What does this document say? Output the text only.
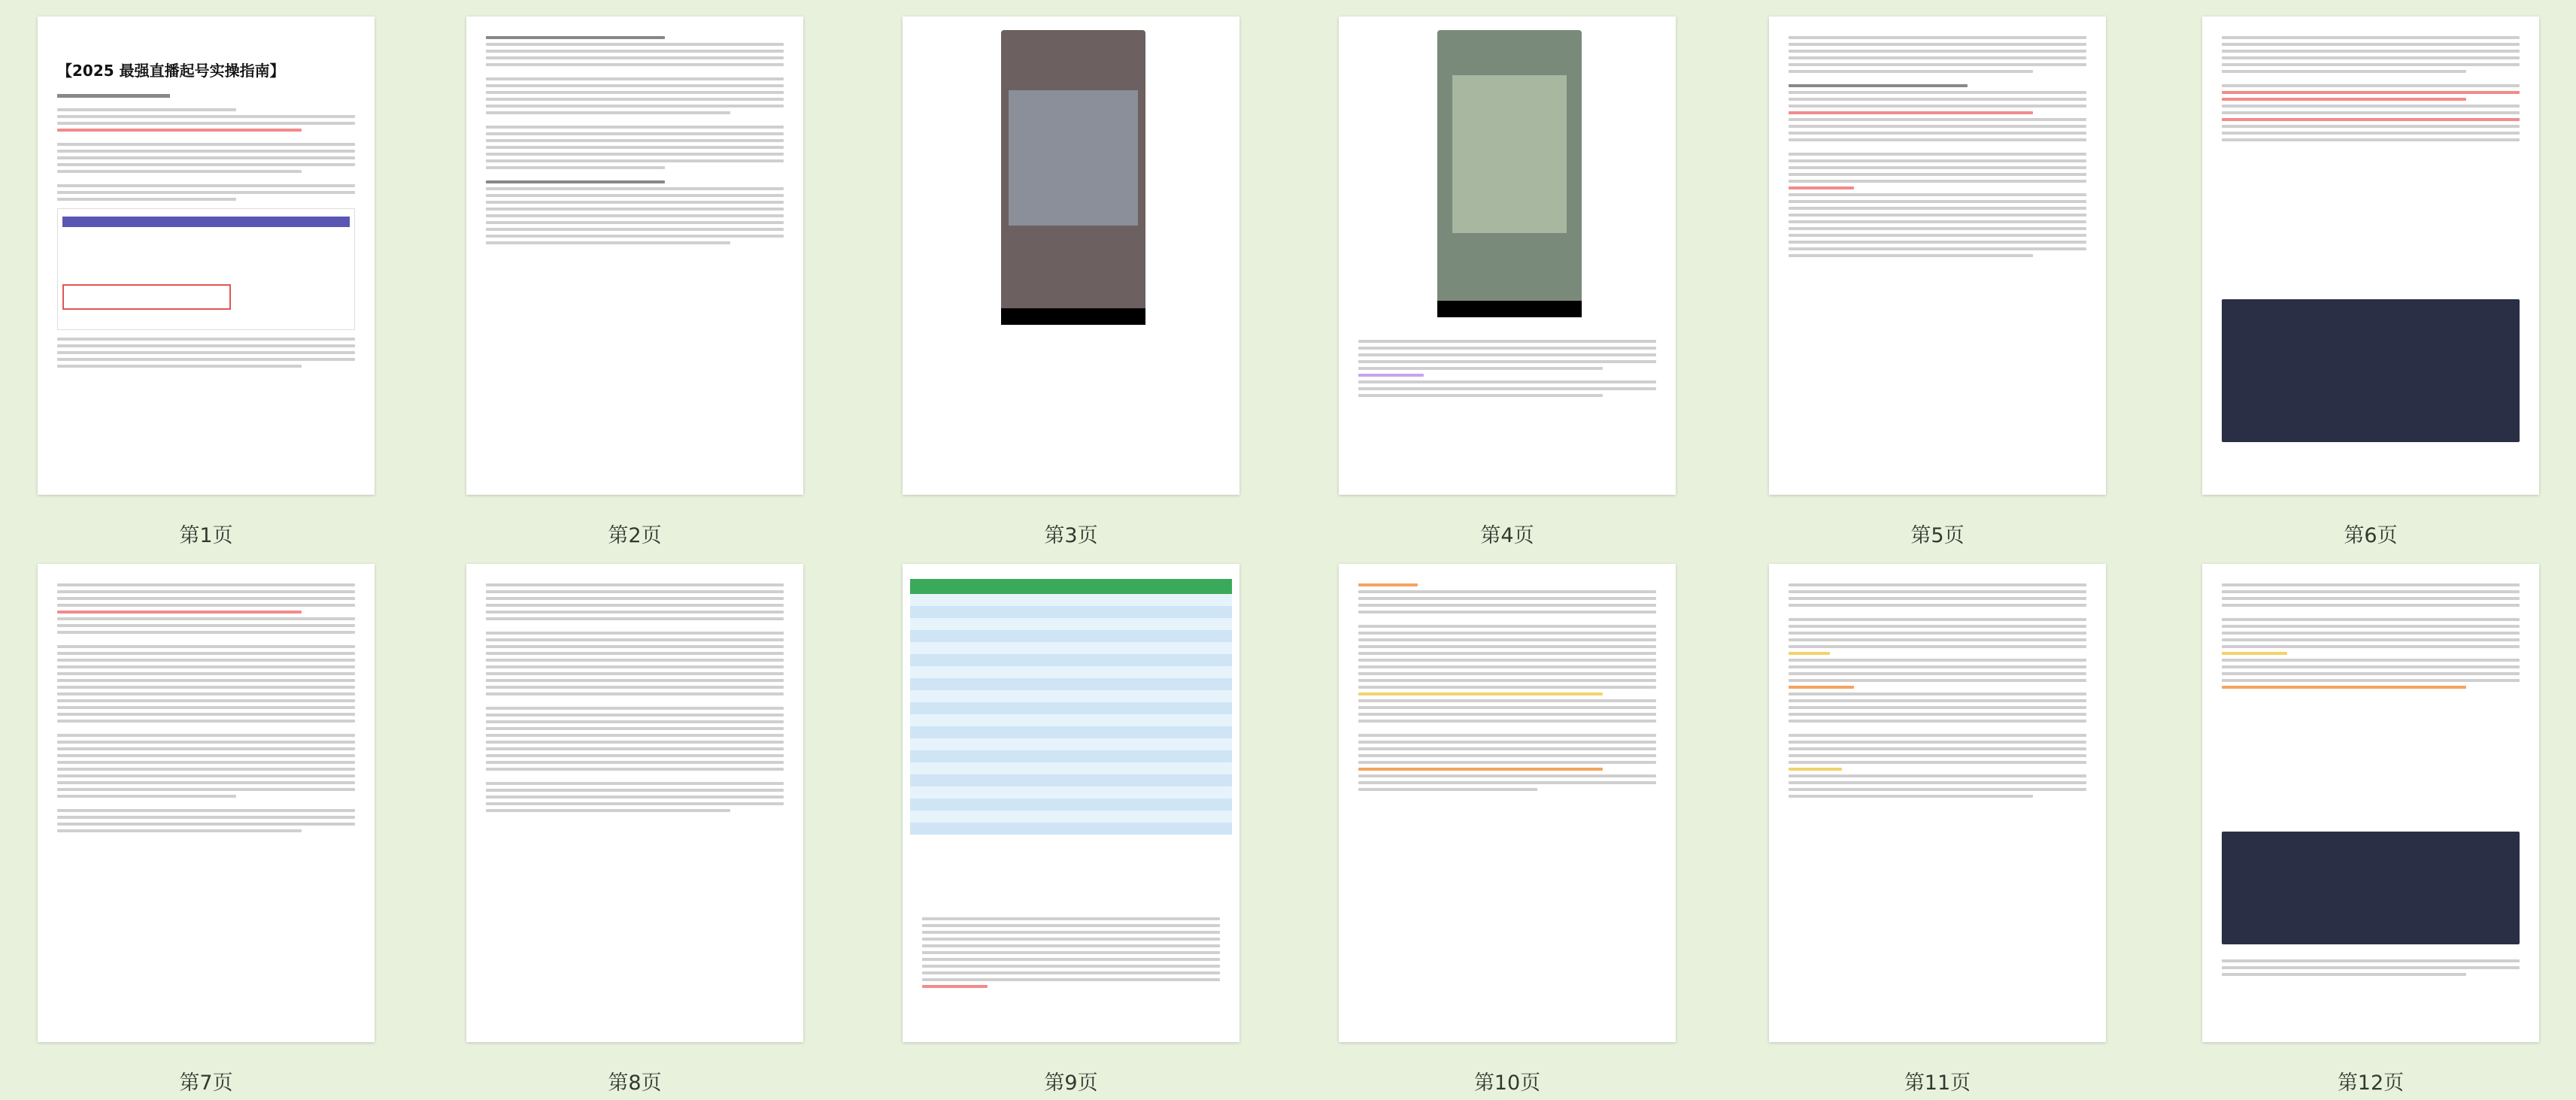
【2025 最强直播起号实操指南】
第1页	第2页	第3页	第4页	第5页	第6页
第7页	第8页	第9页	第10页	第11页	第12页
